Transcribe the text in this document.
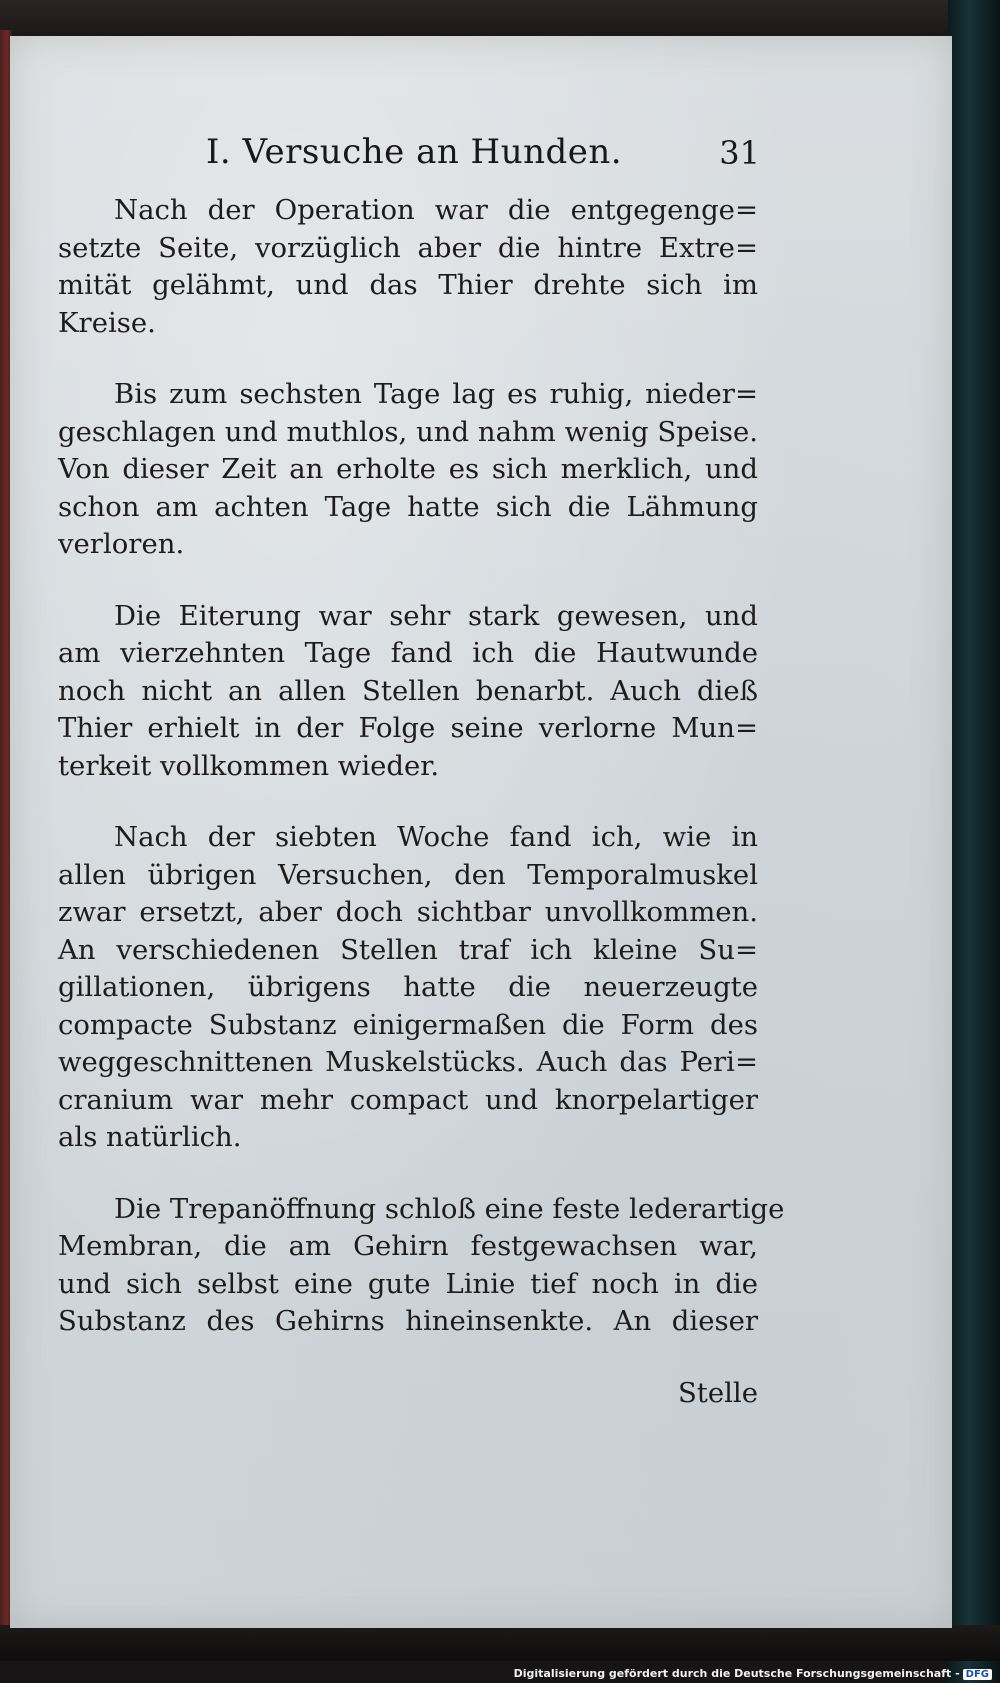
I. Versuche an Hunden.	31
Nach der Operation war die entgegenge=
setzte Seite, vorzüglich aber die hintre Extre=
mität gelähmt, und das Thier drehte sich im
Kreise.
Bis zum sechsten Tage lag es ruhig, nieder=
geschlagen und muthlos, und nahm wenig Speise.
Von dieser Zeit an erholte es sich merklich, und
schon am achten Tage hatte sich die Lähmung
verloren.
Die Eiterung war sehr stark gewesen, und
am vierzehnten Tage fand ich die Hautwunde
noch nicht an allen Stellen benarbt. Auch dieß
Thier erhielt in der Folge seine verlorne Mun=
terkeit vollkommen wieder.
Nach der siebten Woche fand ich, wie in
allen übrigen Versuchen, den Temporalmuskel
zwar ersetzt, aber doch sichtbar unvollkommen.
An verschiedenen Stellen traf ich kleine Su=
gillationen, übrigens hatte die neuerzeugte
compacte Substanz einigermaßen die Form des
weggeschnittenen Muskelstücks. Auch das Peri=
cranium war mehr compact und knorpelartiger
als natürlich.
Die Trepanöffnung schloß eine feste lederartige
Membran, die am Gehirn festgewachsen war,
und sich selbst eine gute Linie tief noch in die
Substanz des Gehirns hineinsenkte. An dieser
Stelle
Digitalisierung gefördert durch die Deutsche Forschungsgemeinschaft - DFG
